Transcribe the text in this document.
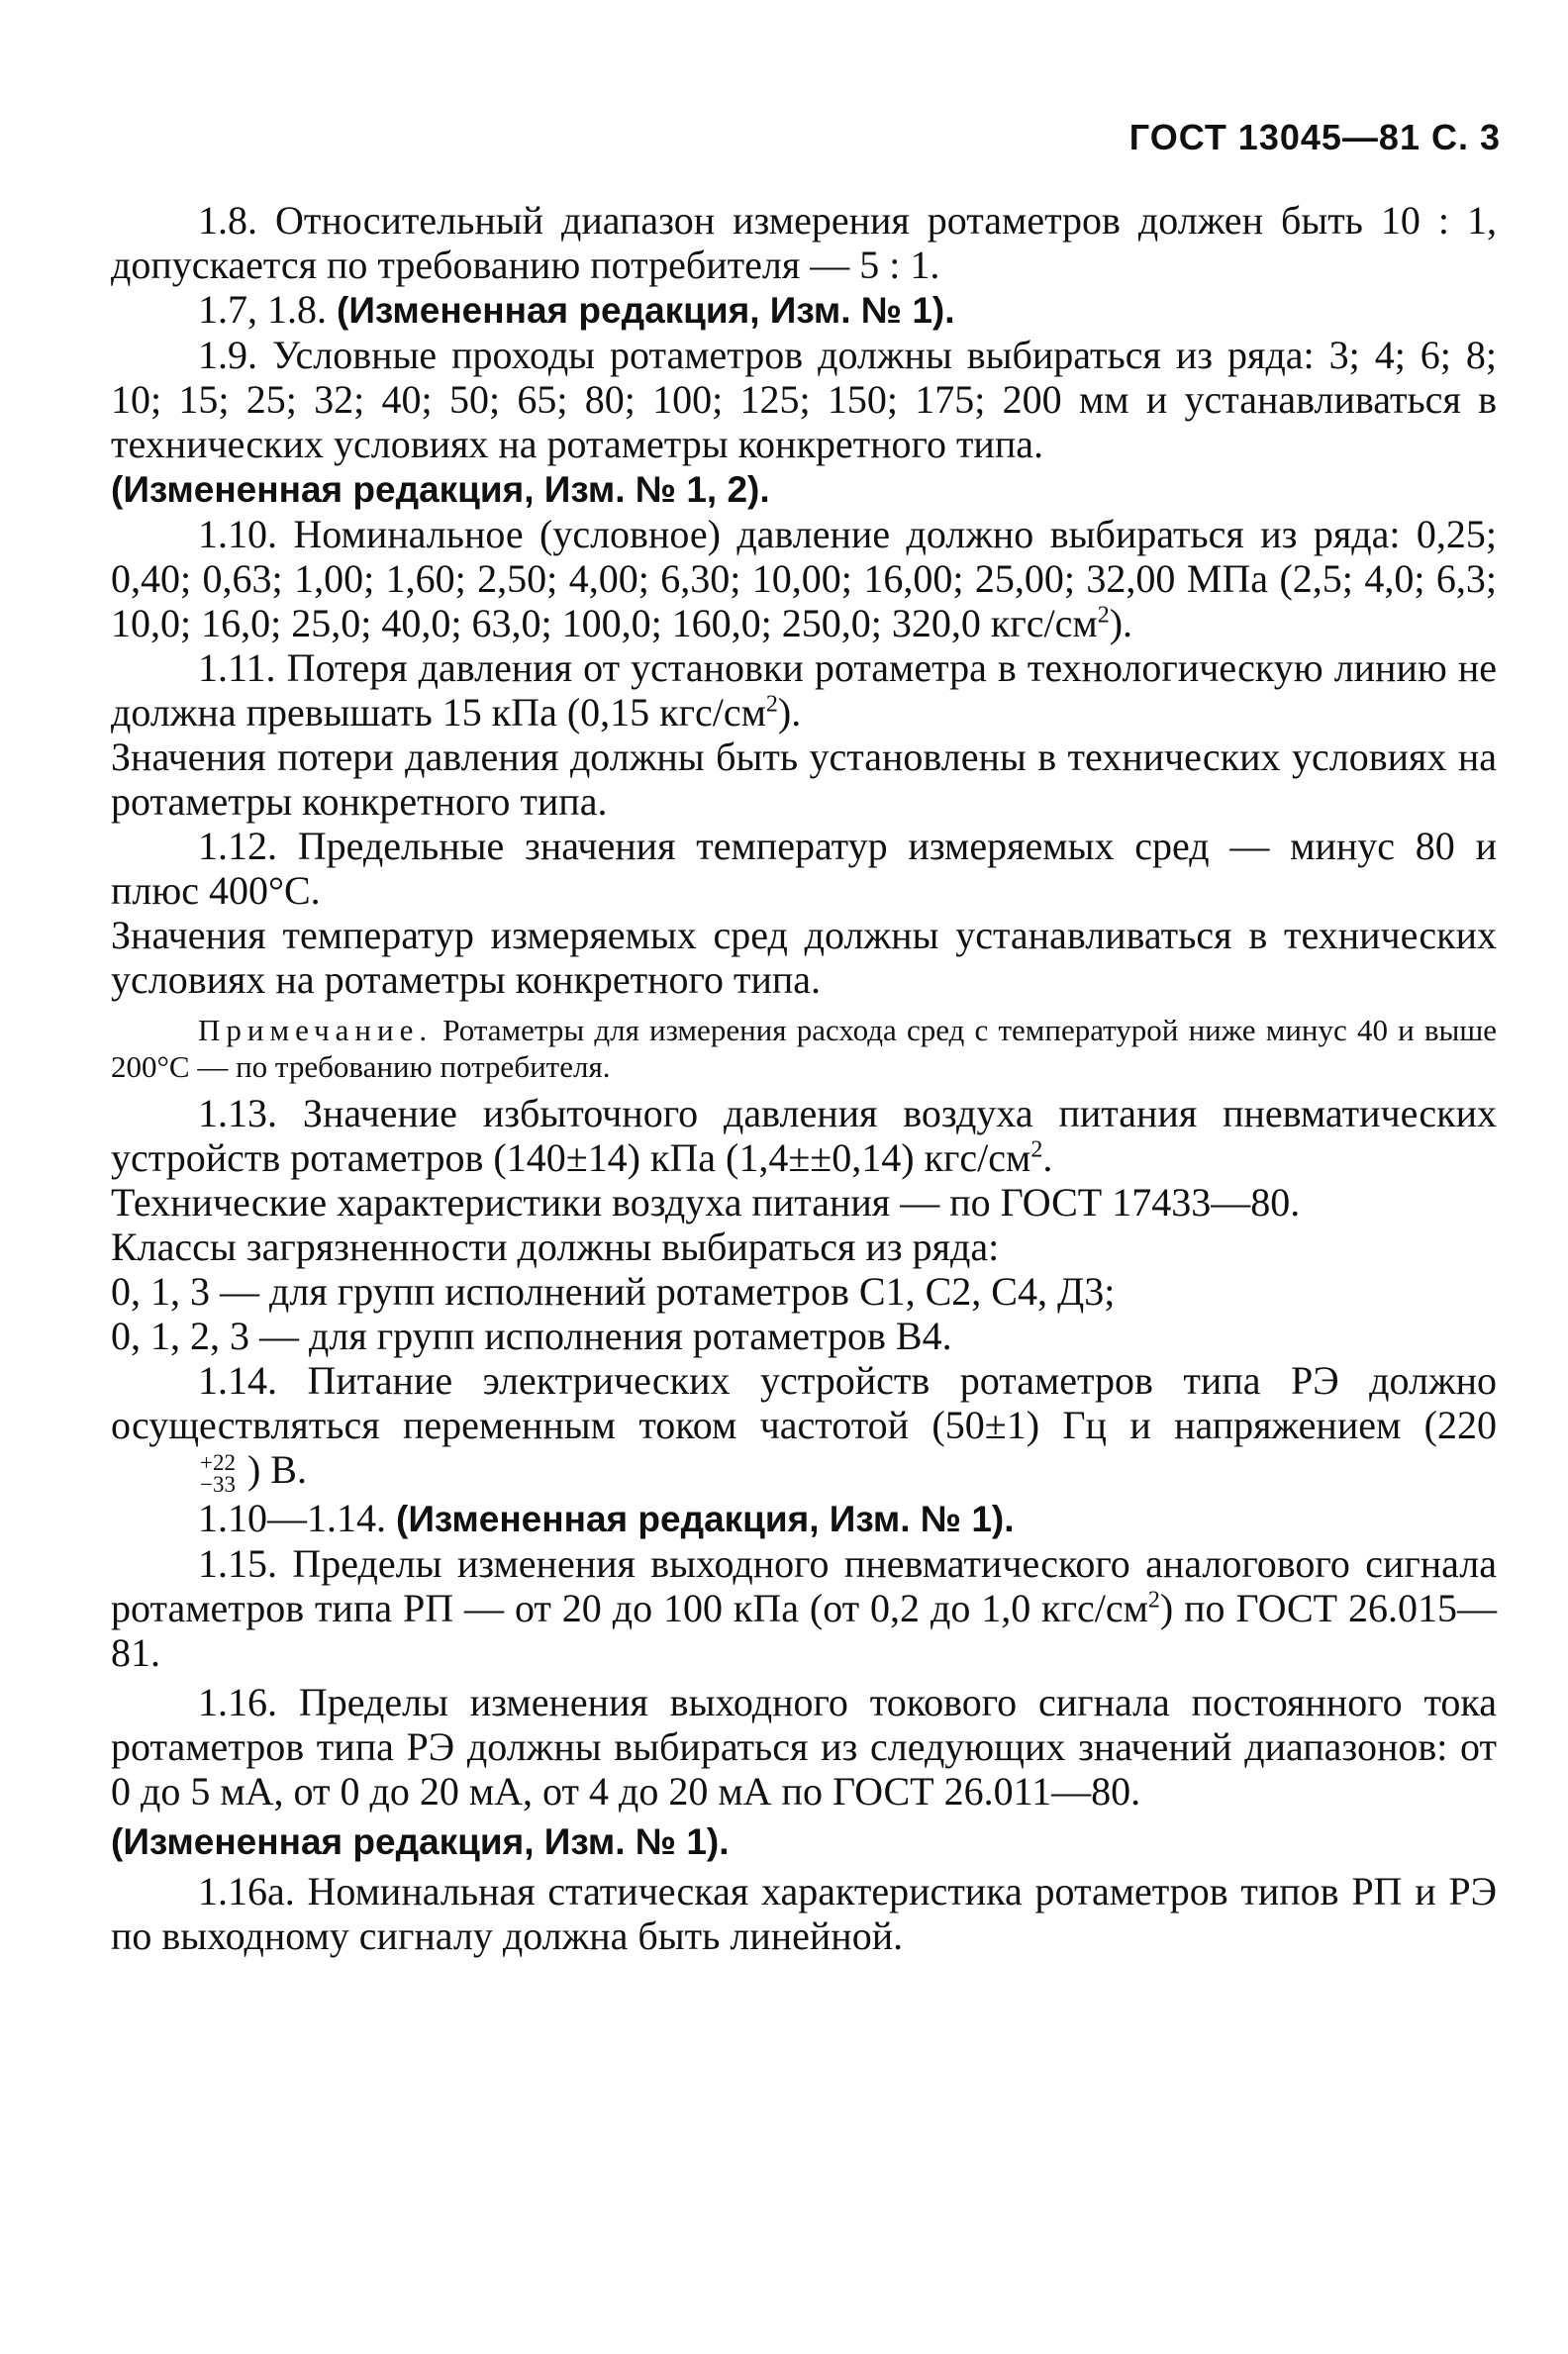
ГОСТ 13045—81 С. 3

1.8. Относительный диапазон измерения ротаметров должен быть 10 : 1, допускается по требованию потребителя — 5 : 1.

1.7, 1.8. (Измененная редакция, Изм. № 1).

1.9. Условные проходы ротаметров должны выбираться из ряда: 3; 4; 6; 8; 10; 15; 25; 32; 40; 50; 65; 80; 100; 125; 150; 175; 200 мм и устанавливаться в технических условиях на ротаметры конкретного типа.

(Измененная редакция, Изм. № 1, 2).

1.10. Номинальное (условное) давление должно выбираться из ряда: 0,25; 0,40; 0,63; 1,00; 1,60; 2,50; 4,00; 6,30; 10,00; 16,00; 25,00; 32,00 МПа (2,5; 4,0; 6,3; 10,0; 16,0; 25,0; 40,0; 63,0; 100,0; 160,0; 250,0; 320,0 кгс/$см^2$).

1.11. Потеря давления от установки ротаметра в технологическую линию не должна превышать 15 кПа (0,15 кгс/$см^2$).

Значения потери давления должны быть установлены в технических условиях на ротаметры конкретного типа.

1.12. Предельные значения температур измеряемых сред — минус 80 и плюс 400°С.

Значения температур измеряемых сред должны устанавливаться в технических условиях на ротаметры конкретного типа.

Примечание. Ротаметры для измерения расхода сред с температурой ниже минус 40 и выше 200°С — по требованию потребителя.

1.13. Значение избыточного давления воздуха питания пневматических устройств ротаметров (140±14) кПа (1,4±±0,14) кгс/$см^2$.

Технические характеристики воздуха питания — по ГОСТ 17433—80.

Классы загрязненности должны выбираться из ряда:

0, 1, 3 — для групп исполнений ротаметров С1, С2, С4, Д3;

0, 1, 2, 3 — для групп исполнения ротаметров В4.

1.14. Питание электрических устройств ротаметров типа РЭ должно осуществляться переменным током частотой (50±1) Гц и напряжением (220
+22
−33 ) В.

1.10—1.14. (Измененная редакция, Изм. № 1).

1.15. Пределы изменения выходного пневматического аналогового сигнала ротаметров типа РП — от 20 до 100 кПа (от 0,2 до 1,0 кгс/$см^2$) по ГОСТ 26.015—81.

1.16. Пределы изменения выходного токового сигнала постоянного тока ротаметров типа РЭ должны выбираться из следующих значений диапазонов: от 0 до 5 мА, от 0 до 20 мА, от 4 до 20 мА по ГОСТ 26.011—80.

(Измененная редакция, Изм. № 1).

1.16а. Номинальная статическая характеристика ротаметров типов РП и РЭ по выходному сигналу должна быть линейной.
